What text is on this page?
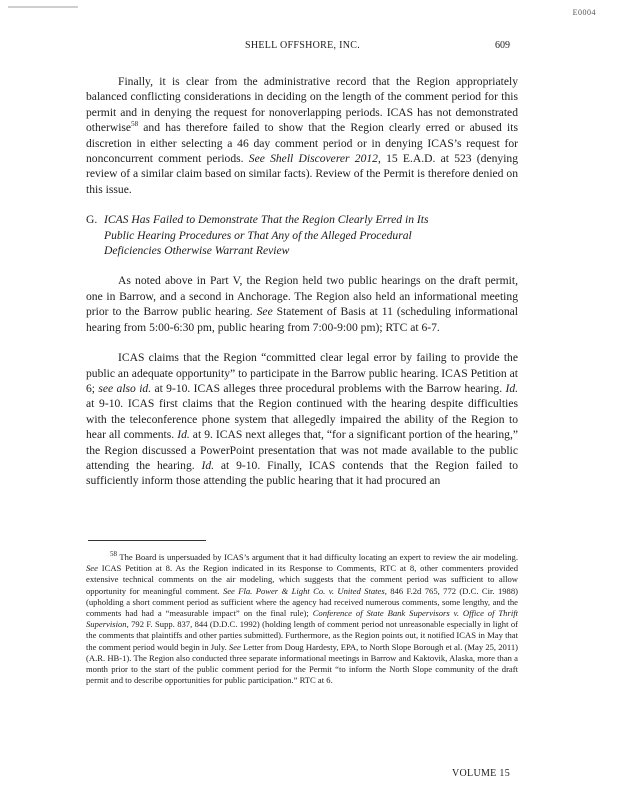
E0004
SHELL OFFSHORE, INC.	609

Finally, it is clear from the administrative record that the Region appropriately balanced conflicting considerations in deciding on the length of the comment period for this permit and in denying the request for nonoverlapping periods. ICAS has not demonstrated otherwise$^{58}$ and has therefore failed to show that the Region clearly erred or abused its discretion in either selecting a 46 day comment period or in denying ICAS’s request for nonconcurrent comment periods. See Shell Discoverer 2012, 15 E.A.D. at 523 (denying review of a similar claim based on similar facts). Review of the Permit is therefore denied on this issue.

G. ICAS Has Failed to Demonstrate That the Region Clearly Erred in Its
Public Hearing Procedures or That Any of the Alleged Procedural
Deficiencies Otherwise Warrant Review

As noted above in Part V, the Region held two public hearings on the draft permit, one in Barrow, and a second in Anchorage. The Region also held an informational meeting prior to the Barrow public hearing. See Statement of Basis at 11 (scheduling informational hearing from 5:00-6:30 pm, public hearing from 7:00-9:00 pm); RTC at 6-7.

ICAS claims that the Region “committed clear legal error by failing to provide the public an adequate opportunity” to participate in the Barrow public hearing. ICAS Petition at 6; see also id. at 9-10. ICAS alleges three procedural problems with the Barrow hearing. Id. at 9-10. ICAS first claims that the Region continued with the hearing despite difficulties with the teleconference phone system that allegedly impaired the ability of the Region to hear all comments. Id. at 9. ICAS next alleges that, “for a significant portion of the hearing,” the Region discussed a PowerPoint presentation that was not made available to the public attending the hearing. Id. at 9-10. Finally, ICAS contends that the Region failed to sufficiently inform those attending the public hearing that it had procured an

$^{58}$ The Board is unpersuaded by ICAS’s argument that it had difficulty locating an expert to review the air modeling. See ICAS Petition at 8. As the Region indicated in its Response to Comments, RTC at 8, other commenters provided extensive technical comments on the air modeling, which suggests that the comment period was sufficient to allow opportunity for meaningful comment. See Fla. Power & Light Co. v. United States, 846 F.2d 765, 772 (D.C. Cir. 1988) (upholding a short comment period as sufficient where the agency had received numerous comments, some lengthy, and the comments had had a “measurable impact” on the final rule); Conference of State Bank Supervisors v. Office of Thrift Supervision, 792 F. Supp. 837, 844 (D.D.C. 1992) (holding length of comment period not unreasonable especially in light of the comments that plaintiffs and other parties submitted). Furthermore, as the Region points out, it notified ICAS in May that the comment period would begin in July. See Letter from Doug Hardesty, EPA, to North Slope Borough et al. (May 25, 2011) (A.R. HB-1). The Region also conducted three separate informational meetings in Barrow and Kaktovik, Alaska, more than a month prior to the start of the public comment period for the Permit “to inform the North Slope community of the draft permit and to describe opportunities for public participation.” RTC at 6.

VOLUME 15
